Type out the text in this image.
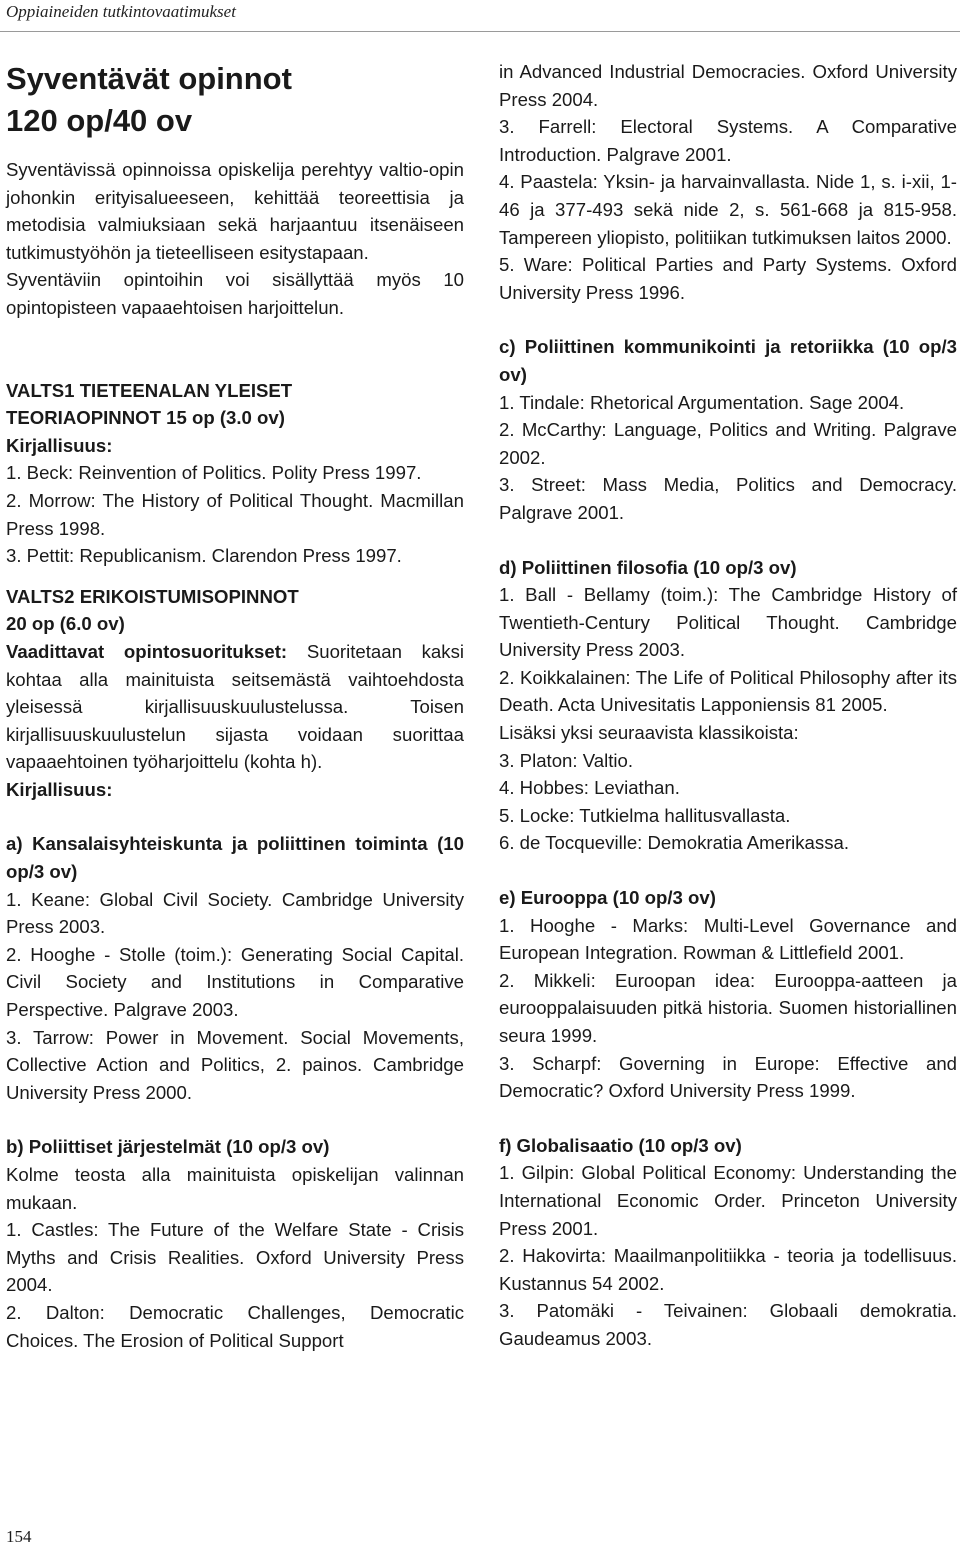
Oppiaineiden tutkintovaatimukset
Syventävät opinnot
120 op/40 ov

Syventävissä opinnoissa opiskelija perehtyy valtio-opin johonkin erityisalueeseen, kehittää teoreettisia ja metodisia valmiuksiaan sekä harjaantuu itsenäiseen tutkimustyöhön ja tieteelliseen esitystapaan.

Syventäviin opintoihin voi sisällyttää myös 10 opintopisteen vapaaehtoisen harjoittelun.

VALTS1 TIETEENALAN YLEISET
TEORIAOPINNOT 15 op (3.0 ov)
Kirjallisuus:

1. Beck: Reinvention of Politics. Polity Press 1997.

2. Morrow: The History of Political Thought. Macmillan Press 1998.

3. Pettit: Republicanism. Clarendon Press 1997.

VALTS2 ERIKOISTUMISOPINNOT
20 op (6.0 ov)

Vaadittavat opintosuoritukset: Suoritetaan kaksi kohtaa alla mainituista seitsemästä vaihtoehdosta yleisessä kirjallisuuskuulustelussa. Toisen kirjallisuuskuulustelun sijasta voidaan suorittaa vapaaehtoinen työharjoittelu (kohta h).

Kirjallisuus:

a) Kansalaisyhteiskunta ja poliittinen toiminta (10 op/3 ov)

1. Keane: Global Civil Society. Cambridge University Press 2003.

2. Hooghe - Stolle (toim.): Generating Social Capital. Civil Society and Institutions in Comparative Perspective. Palgrave 2003.

3. Tarrow: Power in Movement. Social Movements, Collective Action and Politics, 2. painos. Cambridge University Press 2000.

b) Poliittiset järjestelmät (10 op/3 ov)

Kolme teosta alla mainituista opiskelijan valinnan mukaan.

1. Castles: The Future of the Welfare State - Crisis Myths and Crisis Realities. Oxford University Press 2004.

2. Dalton: Democratic Challenges, Democratic Choices. The Erosion of Political Support

in Advanced Industrial Democracies. Oxford University Press 2004.

3. Farrell: Electoral Systems. A Comparative Introduction. Palgrave 2001.

4. Paastela: Yksin- ja harvainvallasta. Nide 1, s. i-xii, 1-46 ja 377-493 sekä nide 2, s. 561-668 ja 815-958. Tampereen yliopisto, politiikan tutkimuksen laitos 2000.

5. Ware: Political Parties and Party Systems. Oxford University Press 1996.

c) Poliittinen kommunikointi ja retoriikka (10 op/3 ov)

1. Tindale: Rhetorical Argumentation. Sage 2004.

2. McCarthy: Language, Politics and Writing. Palgrave 2002.

3. Street: Mass Media, Politics and Democracy. Palgrave 2001.

d) Poliittinen filosofia (10 op/3 ov)

1. Ball - Bellamy (toim.): The Cambridge History of Twentieth-Century Political Thought. Cambridge University Press 2003.

2. Koikkalainen: The Life of Political Philosophy after its Death. Acta Univesitatis Lapponiensis 81 2005.

Lisäksi yksi seuraavista klassikoista:

3. Platon: Valtio.

4. Hobbes: Leviathan.

5. Locke: Tutkielma hallitusvallasta.

6. de Tocqueville: Demokratia Amerikassa.

e) Eurooppa (10 op/3 ov)

1. Hooghe - Marks: Multi-Level Governance and European Integration. Rowman & Littlefield 2001.

2. Mikkeli: Euroopan idea: Eurooppa-aatteen ja eurooppalaisuuden pitkä historia. Suomen historiallinen seura 1999.

3. Scharpf: Governing in Europe: Effective and Democratic? Oxford University Press 1999.

f) Globalisaatio (10 op/3 ov)

1. Gilpin: Global Political Economy: Understanding the International Economic Order. Princeton University Press 2001.

2. Hakovirta: Maailmanpolitiikka - teoria ja todellisuus. Kustannus 54 2002.

3. Patomäki - Teivainen: Globaali demokratia. Gaudeamus 2003.

154
